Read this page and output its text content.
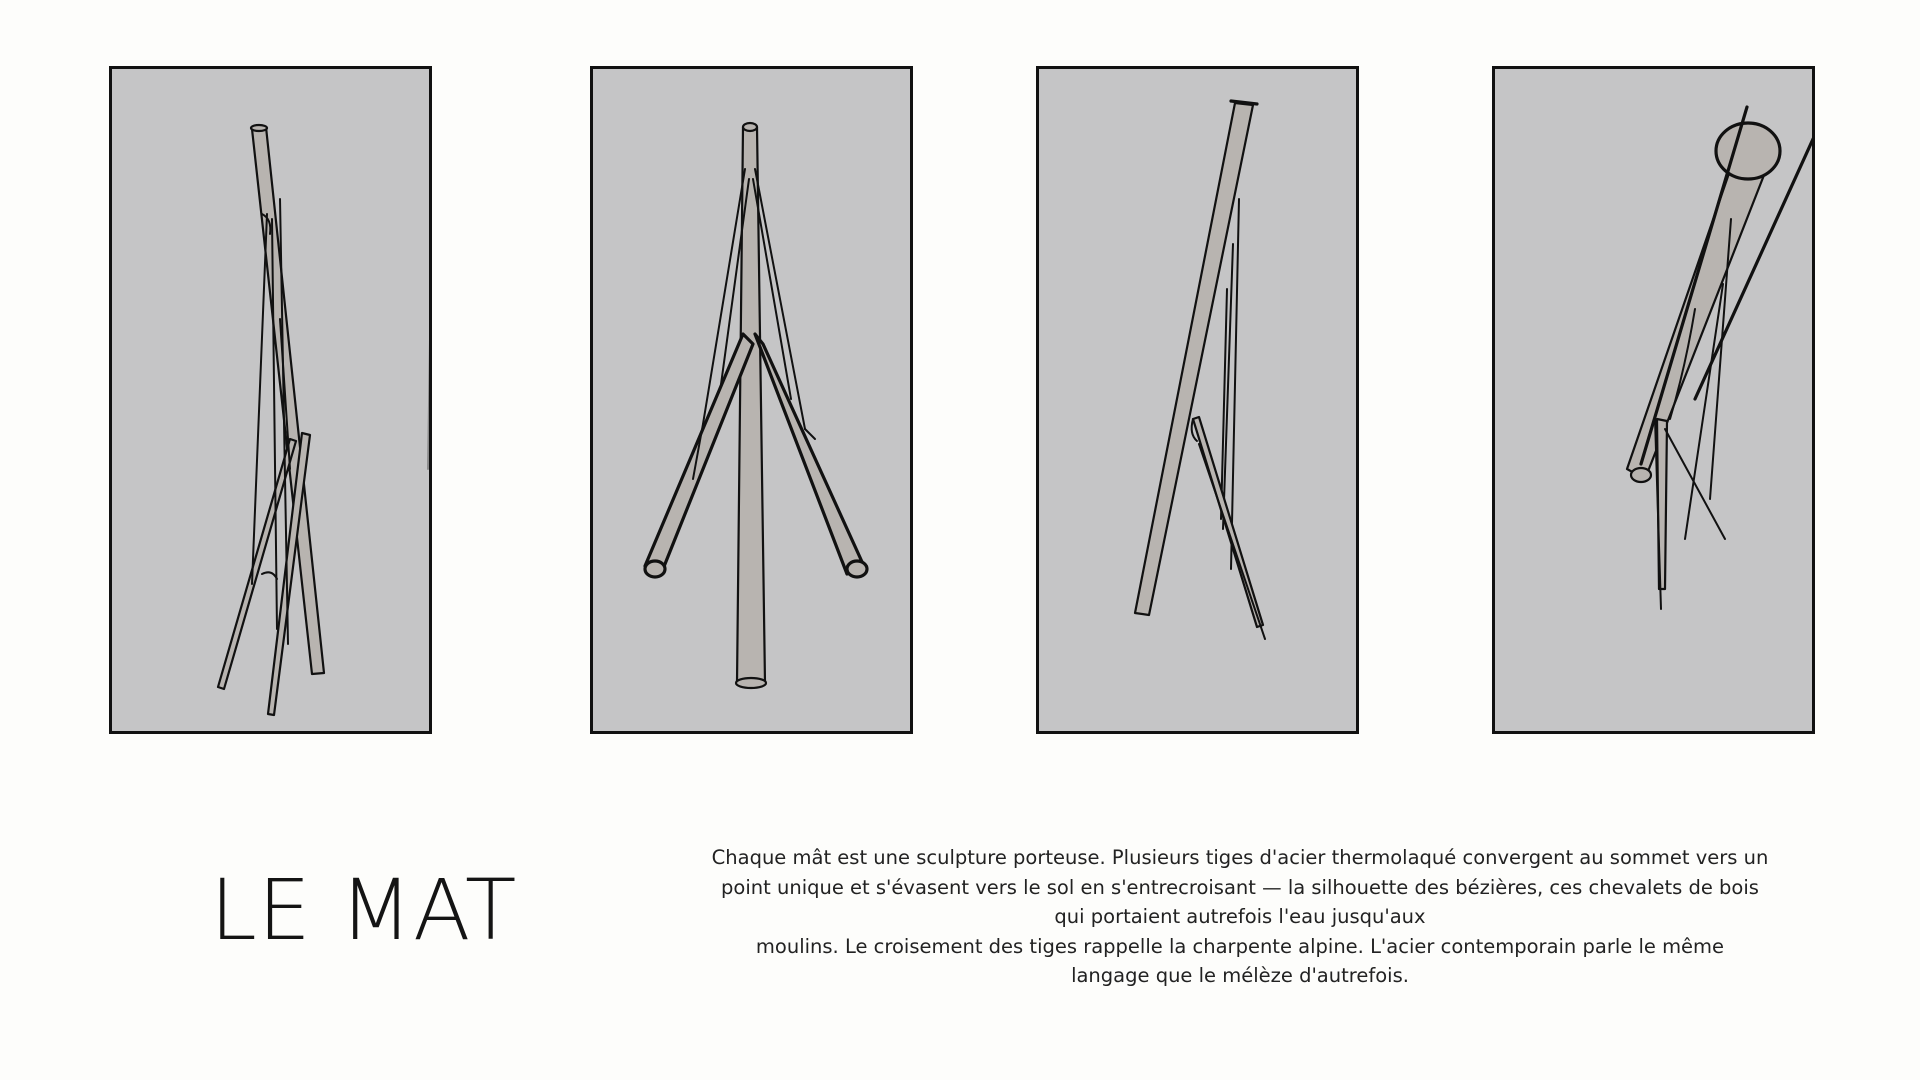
LE MAT
Chaque mât est une sculpture porteuse. Plusieurs tiges d'acier thermolaqué convergent au sommet vers un
point unique et s'évasent vers le sol en s'entrecroisant — la silhouette des bézières, ces chevalets de bois
qui portaient autrefois l'eau jusqu'aux
moulins. Le croisement des tiges rappelle la charpente alpine. L'acier contemporain parle le même
langage que le mélèze d'autrefois.
